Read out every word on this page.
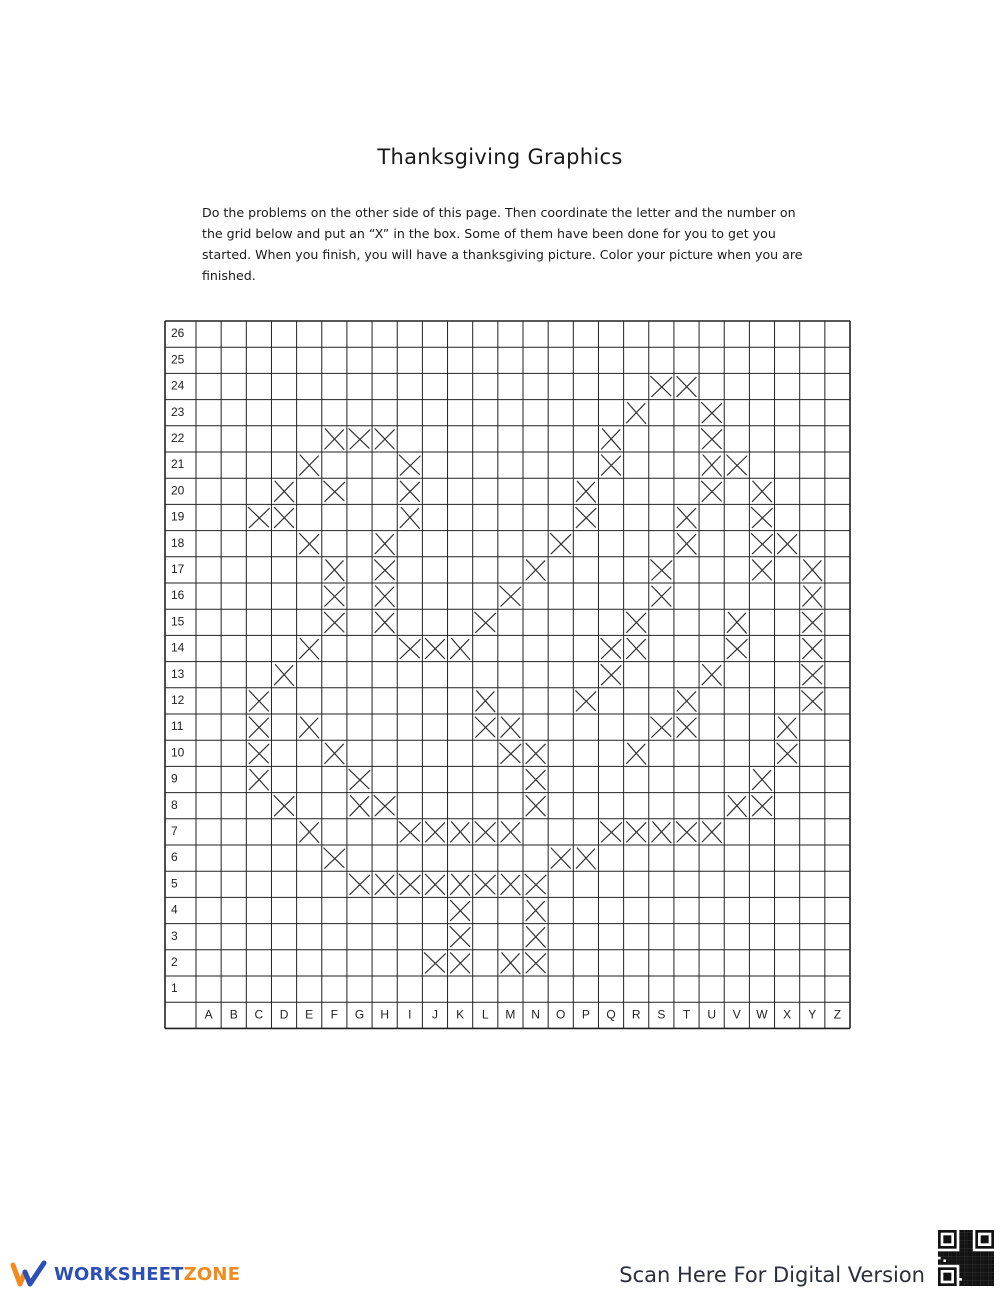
Thanksgiving Graphics
Do the problems on the other side of this page. Then coordinate the letter and the number on the grid below and put an “X” in the box. Some of them have been done for you to get you started. When you finish, you will have a thanksgiving picture. Color your picture when you are finished.
26
25
24
23
22
21
20
19
18
17
16
15
14
13
12
11
10
9
8
7
6
5
4
3
2
1
A B C D E F G H I J K L M N O P Q R S T U V W X Y Z
WORKSHEETZONE	Scan Here For Digital Version
